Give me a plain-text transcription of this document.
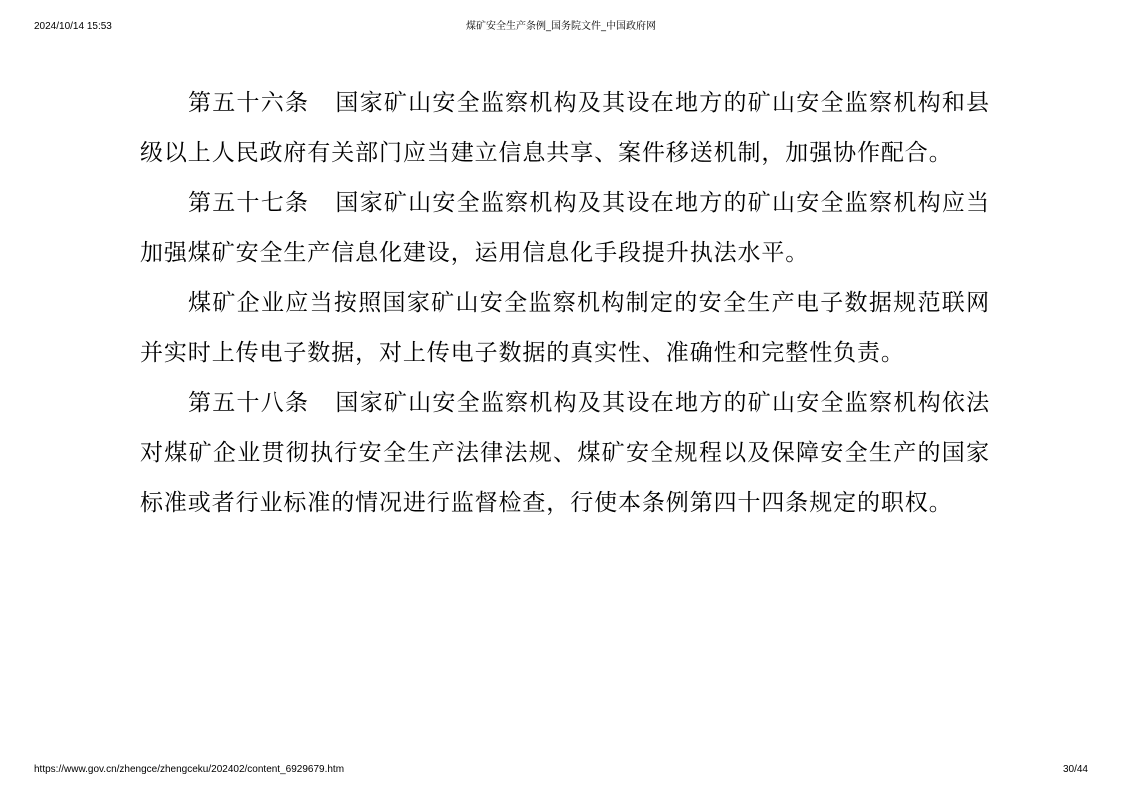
2024/10/14 15:53	煤矿安全生产条例_国务院文件_中国政府网

第五十六条 国家矿山安全监察机构及其设在地方的矿山安全监察机构和县级以上人民政府有关部门应当建立信息共享、案件移送机制，加强协作配合。

第五十七条 国家矿山安全监察机构及其设在地方的矿山安全监察机构应当加强煤矿安全生产信息化建设，运用信息化手段提升执法水平。

煤矿企业应当按照国家矿山安全监察机构制定的安全生产电子数据规范联网并实时上传电子数据，对上传电子数据的真实性、准确性和完整性负责。

第五十八条 国家矿山安全监察机构及其设在地方的矿山安全监察机构依法对煤矿企业贯彻执行安全生产法律法规、煤矿安全规程以及保障安全生产的国家标准或者行业标准的情况进行监督检查，行使本条例第四十四条规定的职权。

https://www.gov.cn/zhengce/zhengceku/202402/content_6929679.htm	30/44
